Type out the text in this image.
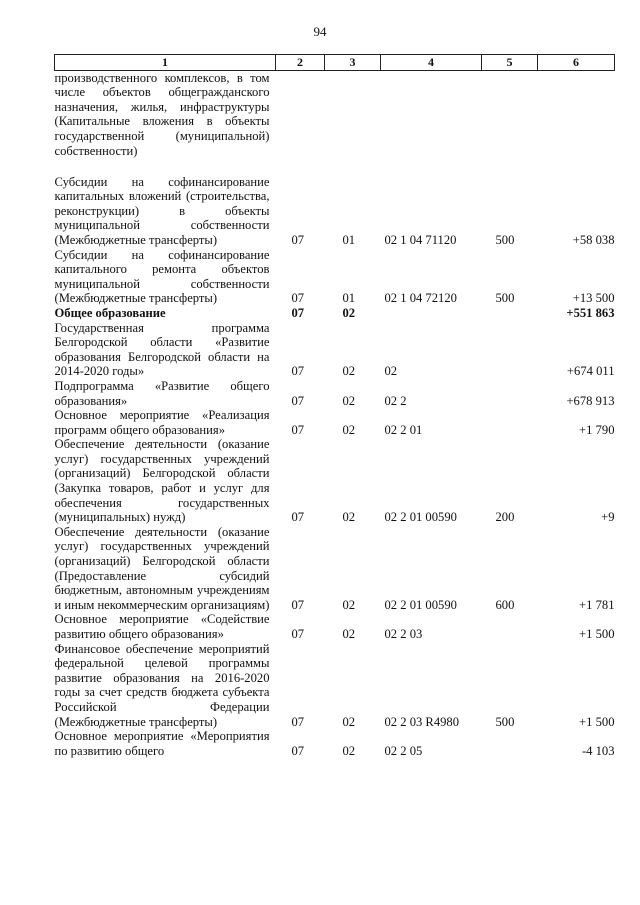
94
1	2	3	4	5	6
производственного комплексов, в том числе объектов общегражданского назначения, жилья, инфраструктуры (Капитальные вложения в объекты государственной (муниципальной) собственности)					
Субсидии на софинансирование капитальных вложений (строительства, реконструкции) в объекты муниципальной собственности (Межбюджетные трансферты)	07	01	02 1 04 71120	500	+58 038
Субсидии на софинансирование капитального ремонта объектов муниципальной собственности (Межбюджетные трансферты)	07	01	02 1 04 72120	500	+13 500
Общее образование	07	02			+551 863
Государственная программа Белгородской области «Развитие образования Белгородской области на 2014-2020 годы»	07	02	02		+674 011
Подпрограмма «Развитие общего образования»	07	02	02 2		+678 913
Основное мероприятие «Реализация программ общего образования»	07	02	02 2 01		+1 790
Обеспечение деятельности (оказание услуг) государственных учреждений (организаций) Белгородской области (Закупка товаров, работ и услуг для обеспечения государственных (муниципальных) нужд)	07	02	02 2 01 00590	200	+9
Обеспечение деятельности (оказание услуг) государственных учреждений (организаций) Белгородской области (Предоставление субсидий бюджетным, автономным учреждениям и иным некоммерческим организациям)	07	02	02 2 01 00590	600	+1 781
Основное мероприятие «Содействие развитию общего образования»	07	02	02 2 03		+1 500
Финансовое обеспечение мероприятий федеральной целевой программы развитие образования на 2016-2020 годы за счет средств бюджета субъекта Российской Федерации (Межбюджетные трансферты)	07	02	02 2 03 R4980	500	+1 500
Основное мероприятие «Мероприятия по развитию общего	07	02	02 2 05		-4 103
